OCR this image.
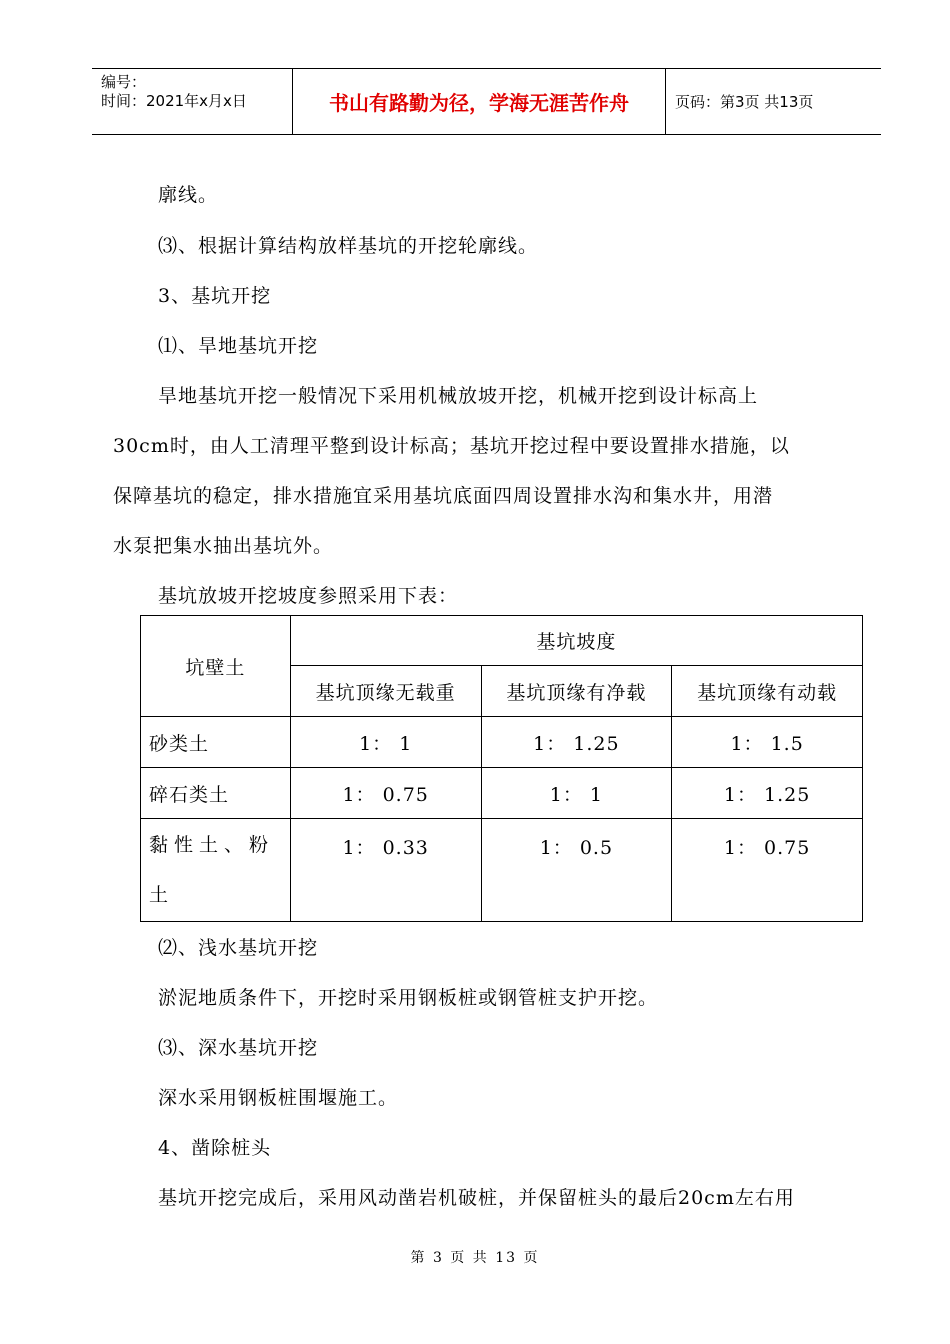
编号：
时间：2021年x月x日	书山有路勤为径，学海无涯苦作舟	页码：第3页 共13页
廓线。
⑶、根据计算结构放样基坑的开挖轮廓线。
3、基坑开挖
⑴、旱地基坑开挖
旱地基坑开挖一般情况下采用机械放坡开挖，机械开挖到设计标高上
30cm时，由人工清理平整到设计标高；基坑开挖过程中要设置排水措施，以
保障基坑的稳定，排水措施宜采用基坑底面四周设置排水沟和集水井，用潜
水泵把集水抽出基坑外。
基坑放坡开挖坡度参照采用下表：
坑壁土	基坑坡度		
	基坑顶缘无载重	基坑顶缘有净载	基坑顶缘有动载
砂类土	1： 1	1： 1.25	1： 1.5
碎石类土	1： 0.75	1： 1	1： 1.25
黏性土、粉土	1： 0.33	1： 0.5	1： 0.75
⑵、浅水基坑开挖
淤泥地质条件下，开挖时采用钢板桩或钢管桩支护开挖。
⑶、深水基坑开挖
深水采用钢板桩围堰施工。
4、凿除桩头
基坑开挖完成后，采用风动凿岩机破桩，并保留桩头的最后20cm左右用
第 3 页 共 13 页
